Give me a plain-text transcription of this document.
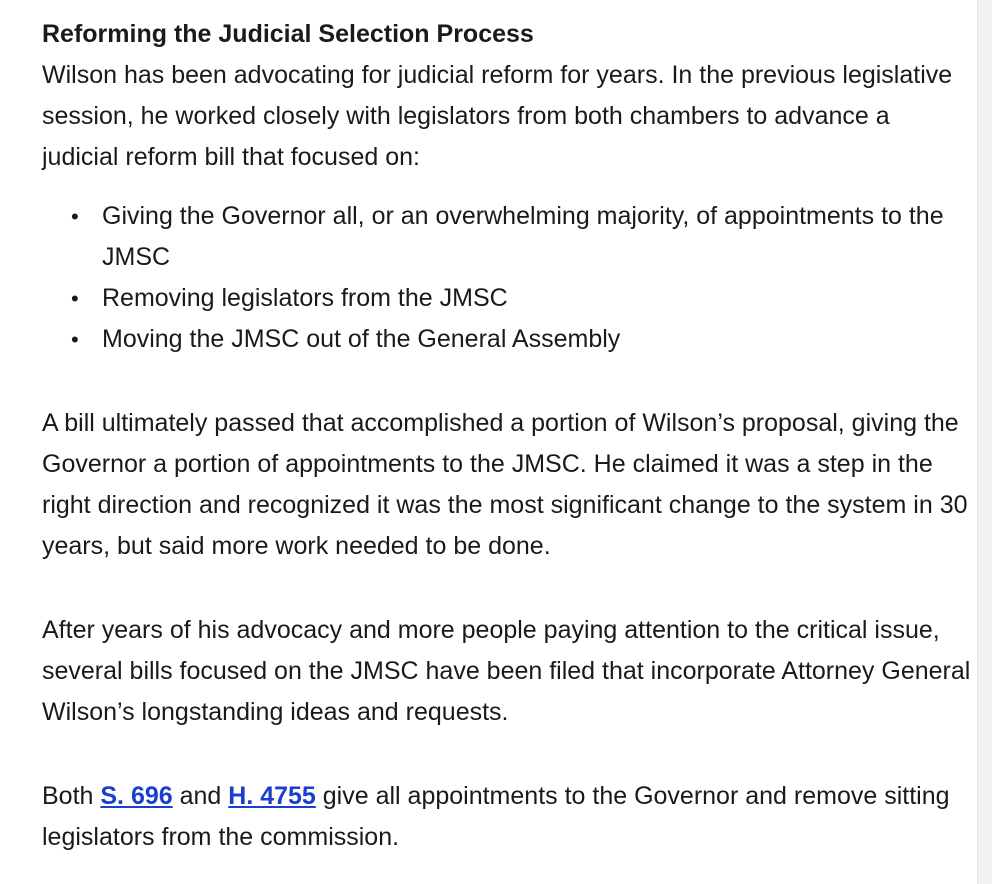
Reforming the Judicial Selection Process

Wilson has been advocating for judicial reform for years. In the previous legislative session, he worked closely with legislators from both chambers to advance a judicial reform bill that focused on:

• Giving the Governor all, or an overwhelming majority, of appointments to the JMSC
• Removing legislators from the JMSC
• Moving the JMSC out of the General Assembly

A bill ultimately passed that accomplished a portion of Wilson’s proposal, giving the Governor a portion of appointments to the JMSC. He claimed it was a step in the right direction and recognized it was the most significant change to the system in 30 years, but said more work needed to be done.

After years of his advocacy and more people paying attention to the critical issue, several bills focused on the JMSC have been filed that incorporate Attorney General Wilson’s longstanding ideas and requests.

Both S. 696 and H. 4755 give all appointments to the Governor and remove sitting legislators from the commission.
